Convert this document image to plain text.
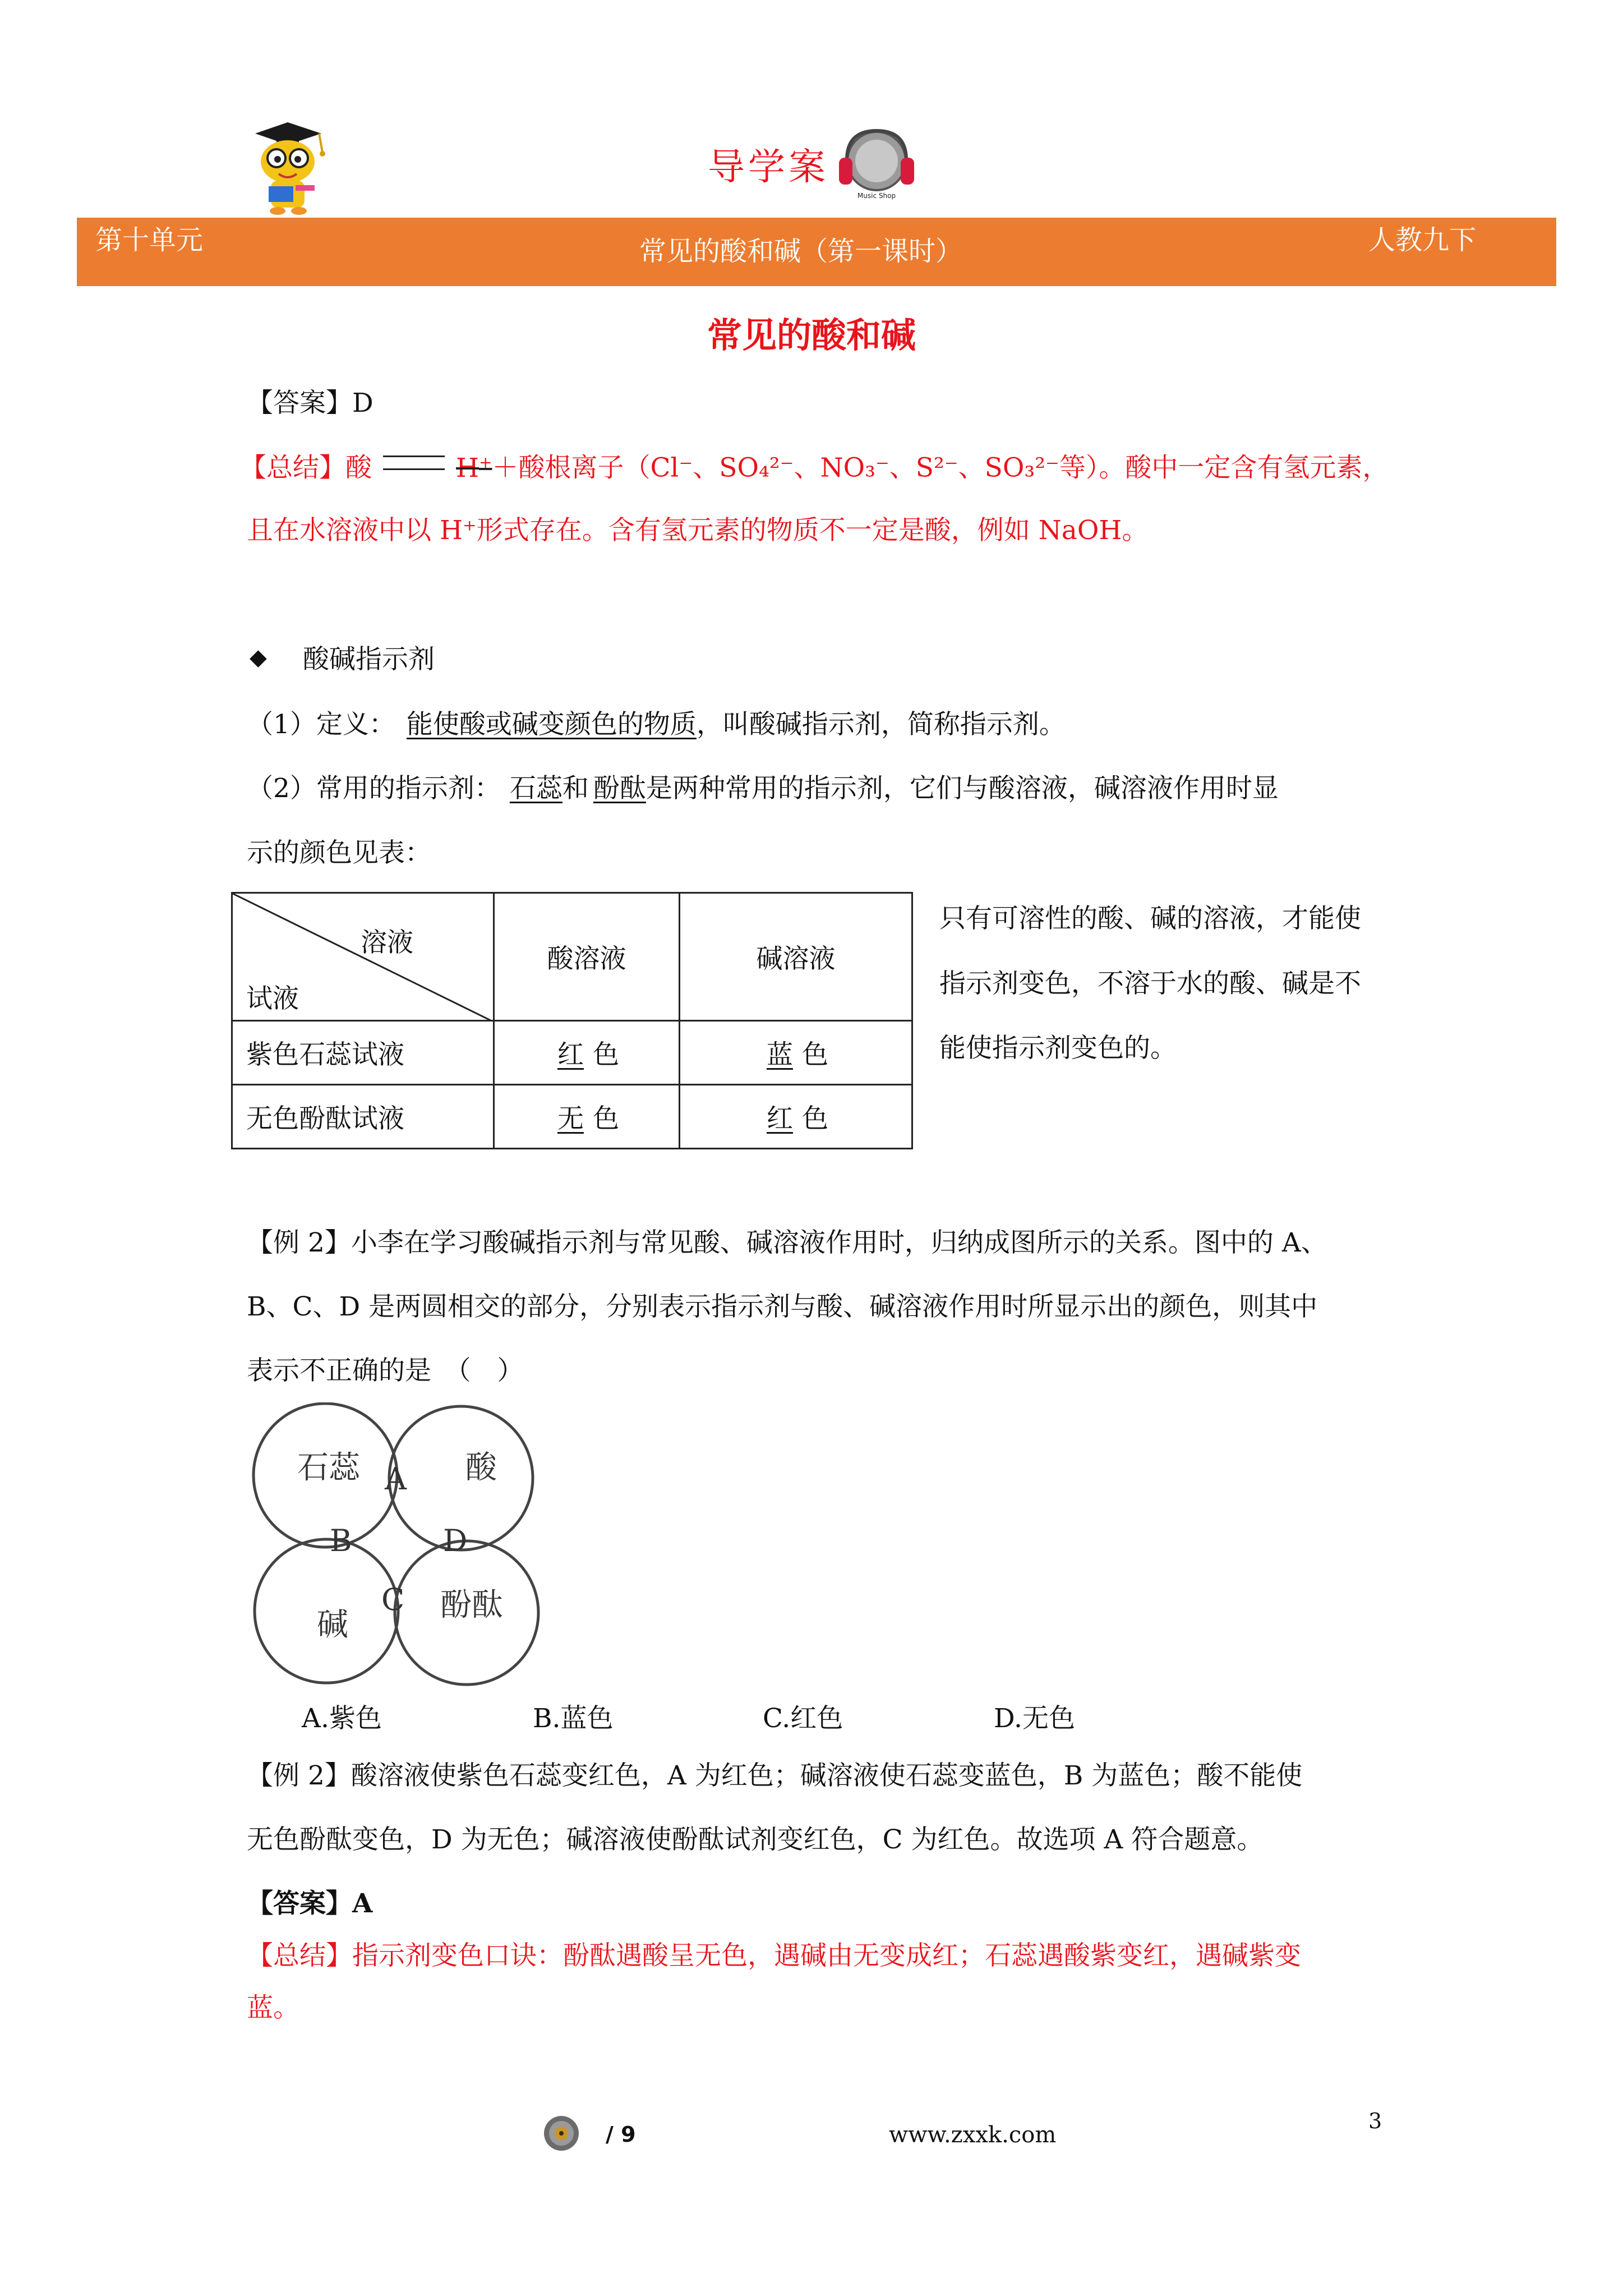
导学案
Music Shop
第十单元	常见的酸和碱（第一课时）	人教九下
常见的酸和碱
【答案】D
【总结】酸	H+＋酸根离子（Cl⁻、SO₄²⁻、NO₃⁻、S²⁻、SO₃²⁻等）。酸中一定含有氢元素，
且在水溶液中以 H⁺形式存在。含有氢元素的物质不一定是酸，例如 NaOH。
◆ 酸碱指示剂
（1）定义： 能使酸或碱变颜色的物质，叫酸碱指示剂，简称指示剂。
（2）常用的指示剂： 石蕊和 酚酞是两种常用的指示剂，它们与酸溶液，碱溶液作用时显
示的颜色见表：
溶液
试液	酸溶液	碱溶液
紫色石蕊试液	红 色	蓝 色
无色酚酞试液	无 色	红 色
只有可溶性的酸、碱的溶液，才能使
指示剂变色，不溶于水的酸、碱是不
能使指示剂变色的。
【例 2】小李在学习酸碱指示剂与常见酸、碱溶液作用时，归纳成图所示的关系。图中的 A、
B、C、D 是两圆相交的部分，分别表示指示剂与酸、碱溶液作用时所显示出的颜色，则其中
表示不正确的是　（　）
石蕊	酸
碱
酚酞
A
B
C
D
A.紫色	B.蓝色	C.红色	D.无色
【例 2】酸溶液使紫色石蕊变红色，A 为红色；碱溶液使石蕊变蓝色，B 为蓝色；酸不能使
无色酚酞变色，D 为无色；碱溶液使酚酞试剂变红色，C 为红色。故选项 A 符合题意。
【答案】A
【总结】指示剂变色口诀：酚酞遇酸呈无色，遇碱由无变成红；石蕊遇酸紫变红，遇碱紫变
蓝。
/ 9	www.zxxk.com
3
